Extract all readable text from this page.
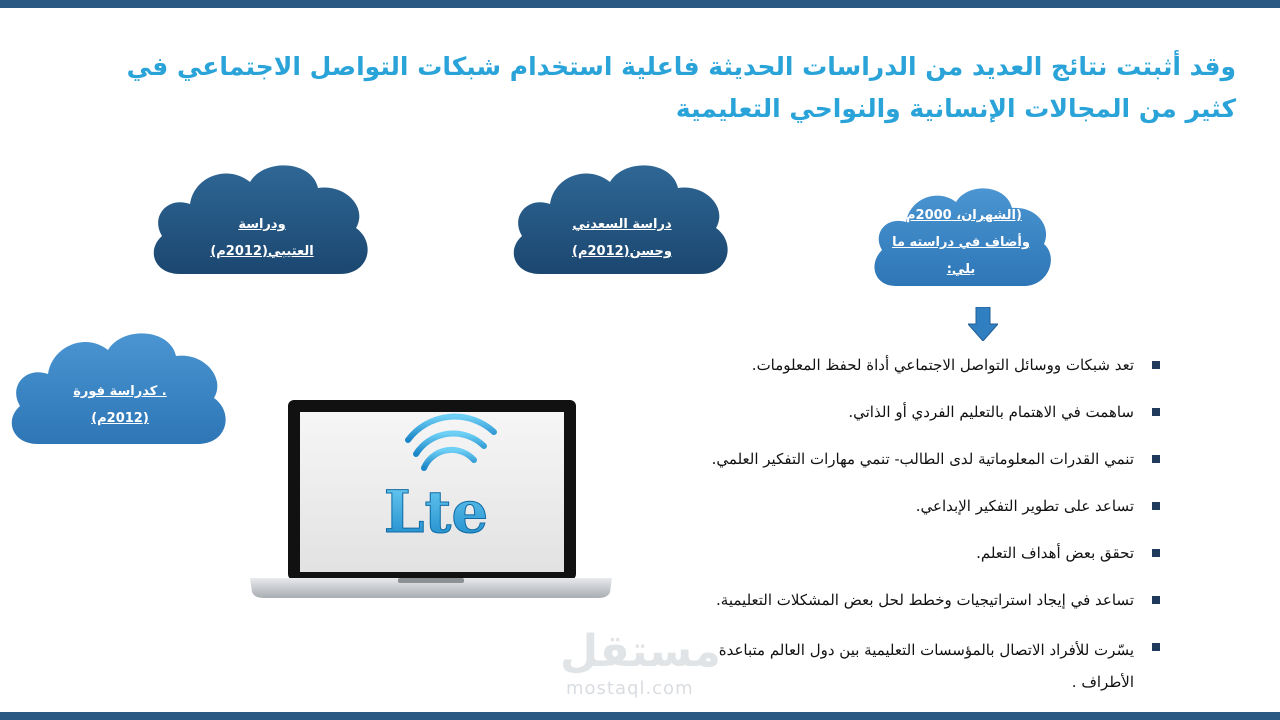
وقد أثبتت نتائج العديد من الدراسات الحديثة فاعلية استخدام شبكات التواصل الاجتماعي في كثير من المجالات الإنسانية والنواحي التعليمية
(الشهران، 2000م)
وأضاف في دراسته ما
يلي:
دراسة السعدني
وحسن(2012م)
ودراسة
العتيبي(2012م)
. كدراسة فورة
(2012م)
Lte
تعد شبكات ووسائل التواصل الاجتماعي أداة لحفظ المعلومات.
ساهمت في الاهتمام بالتعليم الفردي أو الذاتي.
تنمي القدرات المعلوماتية لدى الطالب- تنمي مهارات التفكير العلمي.
تساعد على تطوير التفكير الإبداعي.
تحقق بعض أهداف التعلم.
تساعد في إيجاد استراتيجيات وخطط لحل بعض المشكلات التعليمية.
يسّرت للأفراد الاتصال بالمؤسسات التعليمية بين دول العالم متباعدة الأطراف .
مستقل
mostaql.com
